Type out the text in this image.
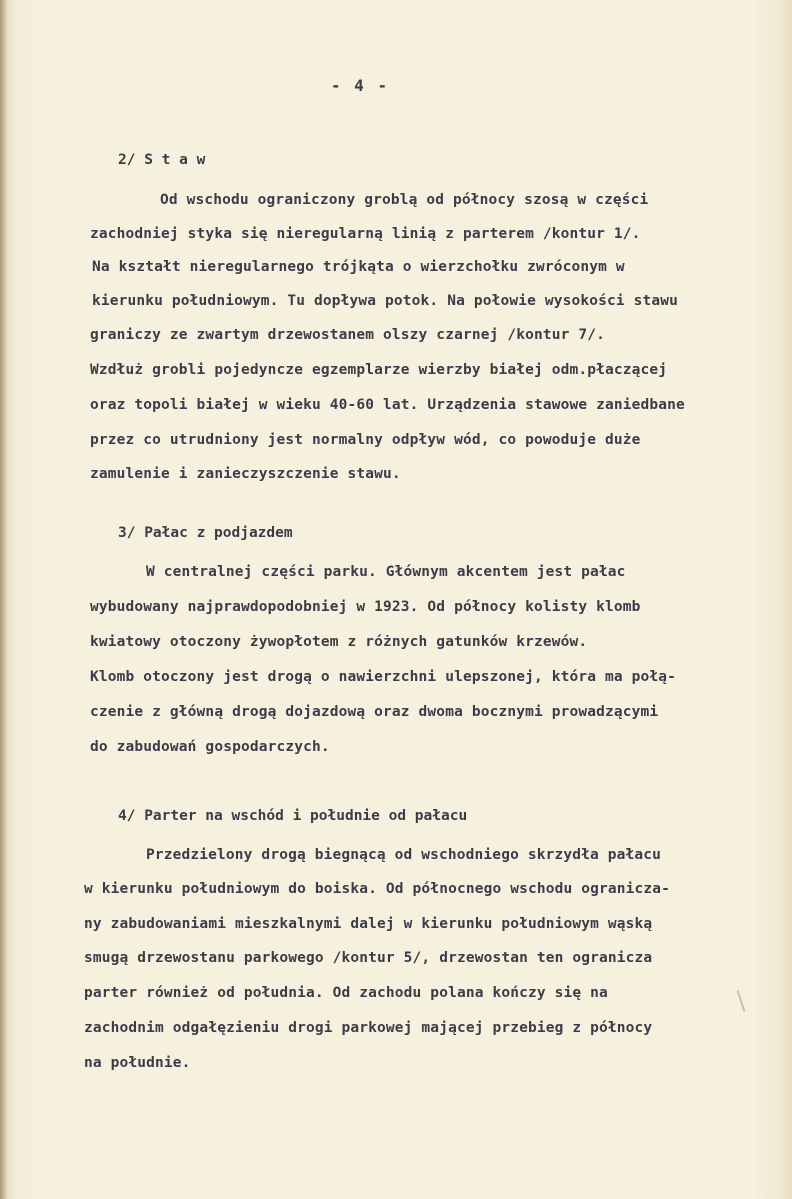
- 4 -
2/ S t a w
Od wschodu ograniczony groblą od północy szosą w części
zachodniej styka się nieregularną linią z parterem /kontur 1/.
Na kształt nieregularnego trójkąta o wierzchołku zwróconym w
kierunku południowym. Tu dopływa potok. Na połowie wysokości stawu
graniczy ze zwartym drzewostanem olszy czarnej /kontur 7/.
Wzdłuż grobli pojedyncze egzemplarze wierzby białej odm.płaczącej
oraz topoli białej w wieku 40-60 lat. Urządzenia stawowe zaniedbane
przez co utrudniony jest normalny odpływ wód, co powoduje duże
zamulenie i zanieczyszczenie stawu.
3/ Pałac z podjazdem
W centralnej części parku. Głównym akcentem jest pałac
wybudowany najprawdopodobniej w 1923. Od północy kolisty klomb
kwiatowy otoczony żywopłotem z różnych gatunków krzewów.
Klomb otoczony jest drogą o nawierzchni ulepszonej, która ma połą-
czenie z główną drogą dojazdową oraz dwoma bocznymi prowadzącymi
do zabudowań gospodarczych.
4/ Parter na wschód i południe od pałacu
Przedzielony drogą biegnącą od wschodniego skrzydła pałacu
w kierunku południowym do boiska. Od północnego wschodu ogranicza-
ny zabudowaniami mieszkalnymi dalej w kierunku południowym wąską
smugą drzewostanu parkowego /kontur 5/, drzewostan ten ogranicza
parter również od południa. Od zachodu polana kończy się na
zachodnim odgałęzieniu drogi parkowej mającej przebieg z północy
na południe.
